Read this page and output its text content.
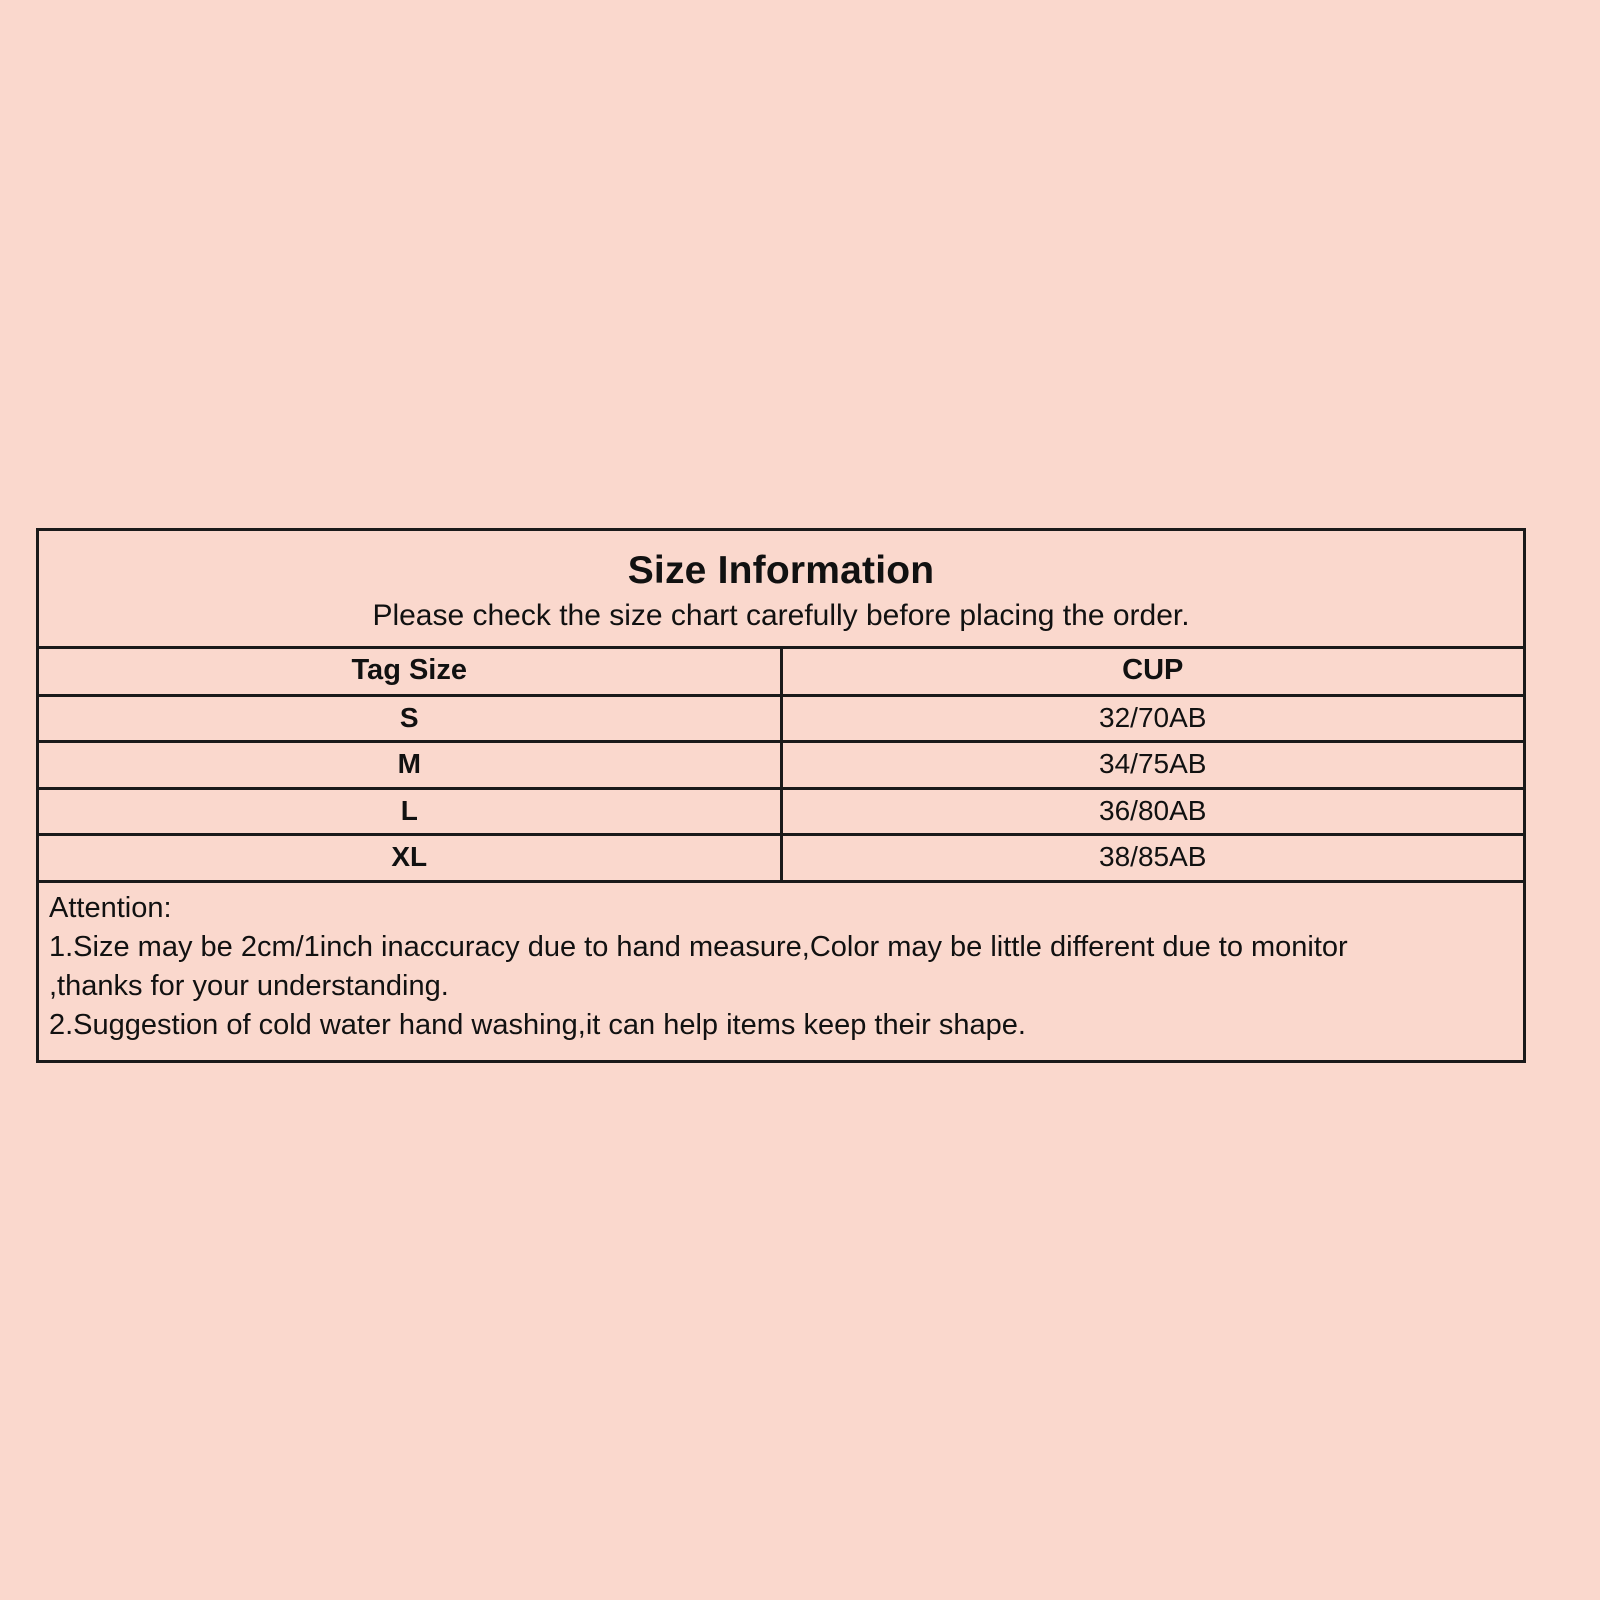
Size Information
Please check the size chart carefully before placing the order.
Tag Size	CUP
S	32/70AB
M	34/75AB
L	36/80AB
XL	38/85AB
Attention:
1.Size may be 2cm/1inch inaccuracy due to hand measure,Color may be little different due to monitor
,thanks for your understanding.
2.Suggestion of cold water hand washing,it can help items keep their shape.
